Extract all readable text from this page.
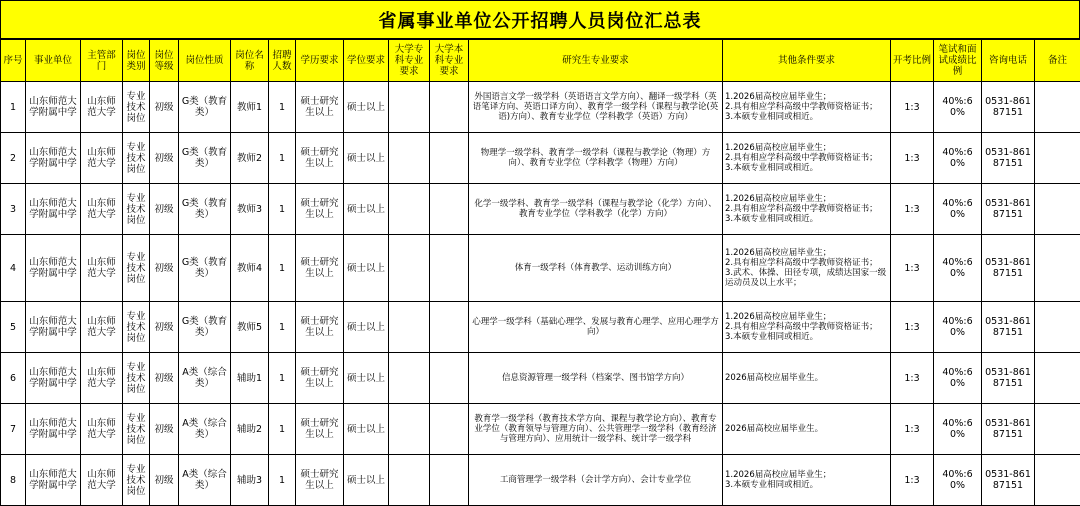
省属事业单位公开招聘人员岗位汇总表
序号	事业单位	主管部门	岗位类别	岗位等级	岗位性质	岗位名称	招聘人数	学历要求	学位要求	大学专科专业要求	大学本科专业要求	研究生专业要求	其他条件要求	开考比例	笔试和面试成绩比例	咨询电话	备注
1	山东师范大学附属中学	山东师范大学	专业技术岗位	初级	G类（教育类）	教师1	1	硕士研究生以上	硕士以上			外国语言文学一级学科（英语语言文学方向）、翻译一级学科（英语笔译方向、英语口译方向）、教育学一级学科（课程与教学论(英语)方向）、教育专业学位（学科教学（英语）方向）	1.2026届高校应届毕业生；
2.具有相应学科高级中学教师资格证书；
3.本硕专业相同或相近。	1:3	40%:60%	0531-86187151	
2	山东师范大学附属中学	山东师范大学	专业技术岗位	初级	G类（教育类）	教师2	1	硕士研究生以上	硕士以上			物理学一级学科、教育学一级学科（课程与教学论（物理）方向）、教育专业学位（学科教学（物理）方向）	1.2026届高校应届毕业生；
2.具有相应学科高级中学教师资格证书；
3.本硕专业相同或相近。	1:3	40%:60%	0531-86187151	
3	山东师范大学附属中学	山东师范大学	专业技术岗位	初级	G类（教育类）	教师3	1	硕士研究生以上	硕士以上			化学一级学科、教育学一级学科（课程与教学论（化学）方向）、教育专业学位（学科教学（化学）方向）	1.2026届高校应届毕业生；
2.具有相应学科高级中学教师资格证书；
3.本硕专业相同或相近。	1:3	40%:60%	0531-86187151	
4	山东师范大学附属中学	山东师范大学	专业技术岗位	初级	G类（教育类）	教师4	1	硕士研究生以上	硕士以上			体育一级学科（体育教学、运动训练方向）	1.2026届高校应届毕业生；
2.具有相应学科高级中学教师资格证书；
3.武术、体操、田径专项，成绩达国家一级运动员及以上水平；	1:3	40%:60%	0531-86187151	
5	山东师范大学附属中学	山东师范大学	专业技术岗位	初级	G类（教育类）	教师5	1	硕士研究生以上	硕士以上			心理学一级学科（基础心理学、发展与教育心理学、应用心理学方向）	1.2026届高校应届毕业生；
2.具有相应学科高级中学教师资格证书；
3.本硕专业相同或相近。	1:3	40%:60%	0531-86187151	
6	山东师范大学附属中学	山东师范大学	专业技术岗位	初级	A类（综合类）	辅助1	1	硕士研究生以上	硕士以上			信息资源管理一级学科（档案学、图书馆学方向）	2026届高校应届毕业生。	1:3	40%:60%	0531-86187151	
7	山东师范大学附属中学	山东师范大学	专业技术岗位	初级	A类（综合类）	辅助2	1	硕士研究生以上	硕士以上			教育学一级学科（教育技术学方向、课程与教学论方向）、教育专业学位（教育领导与管理方向）、公共管理学一级学科（教育经济与管理方向）、应用统计一级学科、统计学一级学科	2026届高校应届毕业生。	1:3	40%:60%	0531-86187151	
8	山东师范大学附属中学	山东师范大学	专业技术岗位	初级	A类（综合类）	辅助3	1	硕士研究生以上	硕士以上			工商管理学一级学科（会计学方向）、会计专业学位	1.2026届高校应届毕业生；
3.本硕专业相同或相近。	1:3	40%:60%	0531-86187151	
